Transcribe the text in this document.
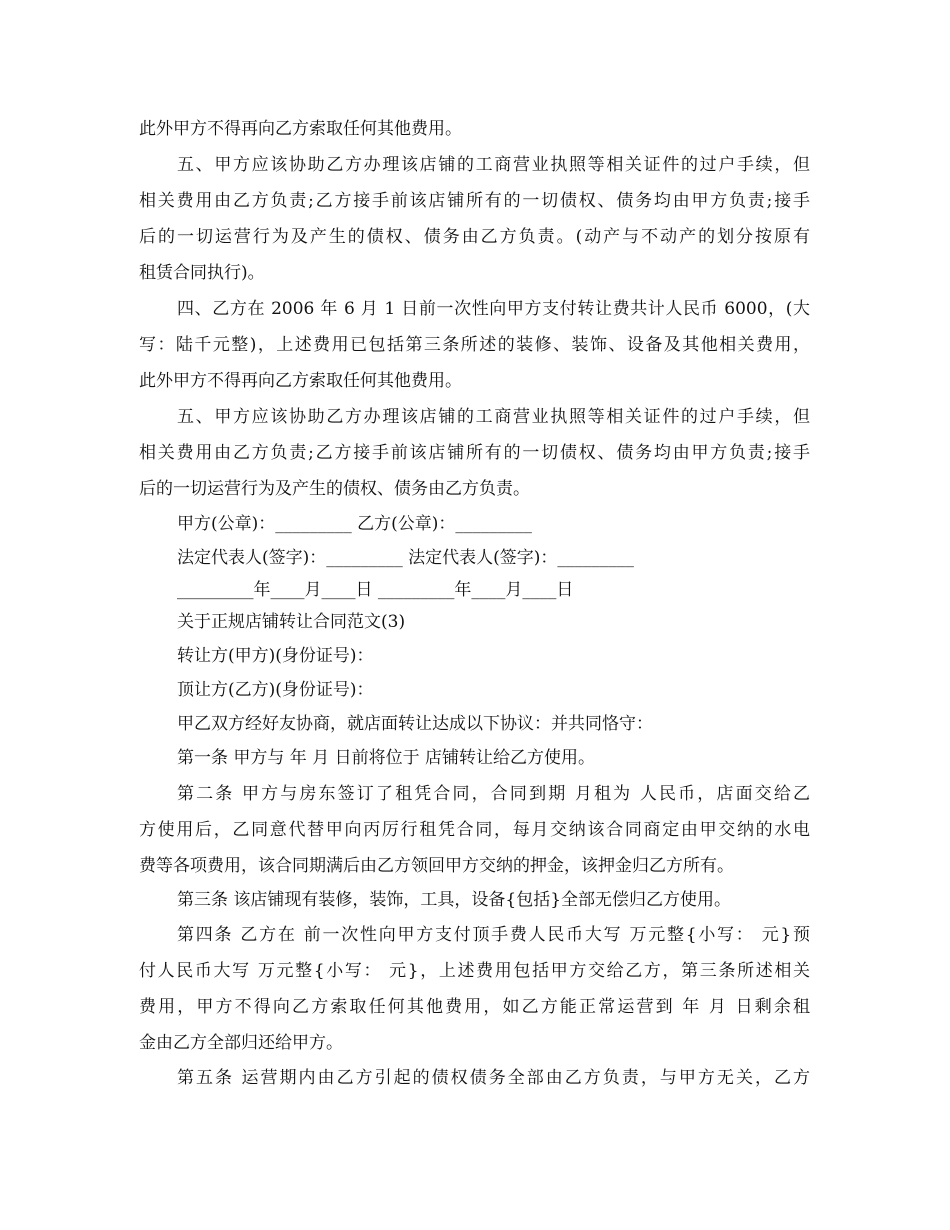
此外甲方不得再向乙方索取任何其他费用。

五、甲方应该协助乙方办理该店铺的工商营业执照等相关证件的过户手续，但

相关费用由乙方负责;乙方接手前该店铺所有的一切债权、债务均由甲方负责;接手

后的一切运营行为及产生的债权、债务由乙方负责。(动产与不动产的划分按原有

租赁合同执行)。

四、乙方在 2006 年 6 月 1 日前一次性向甲方支付转让费共计人民币 6000，(大

写：陆千元整)，上述费用已包括第三条所述的装修、装饰、设备及其他相关费用，

此外甲方不得再向乙方索取任何其他费用。

五、甲方应该协助乙方办理该店铺的工商营业执照等相关证件的过户手续，但

相关费用由乙方负责;乙方接手前该店铺所有的一切债权、债务均由甲方负责;接手

后的一切运营行为及产生的债权、债务由乙方负责。

甲方(公章)：_________ 乙方(公章)：_________

法定代表人(签字)：_________ 法定代表人(签字)：_________

_________年____月____日 _________年____月____日

关于正规店铺转让合同范文(3)

转让方(甲方)(身份证号)：

顶让方(乙方)(身份证号)：

甲乙双方经好友协商，就店面转让达成以下协议：并共同恪守：

第一条 甲方与 年 月 日前将位于 店铺转让给乙方使用。

第二条 甲方与房东签订了租凭合同，合同到期 月租为 人民币，店面交给乙

方使用后，乙同意代替甲向丙厉行租凭合同，每月交纳该合同商定由甲交纳的水电

费等各项费用，该合同期满后由乙方领回甲方交纳的押金，该押金归乙方所有。

第三条 该店铺现有装修，装饰，工具，设备{包括}全部无偿归乙方使用。

第四条 乙方在 前一次性向甲方支付顶手费人民币大写 万元整{小写： 元}预

付人民币大写 万元整{小写： 元}，上述费用包括甲方交给乙方，第三条所述相关

费用，甲方不得向乙方索取任何其他费用，如乙方能正常运营到 年 月 日剩余租

金由乙方全部归还给甲方。

第五条 运营期内由乙方引起的债权债务全部由乙方负责，与甲方无关，乙方
